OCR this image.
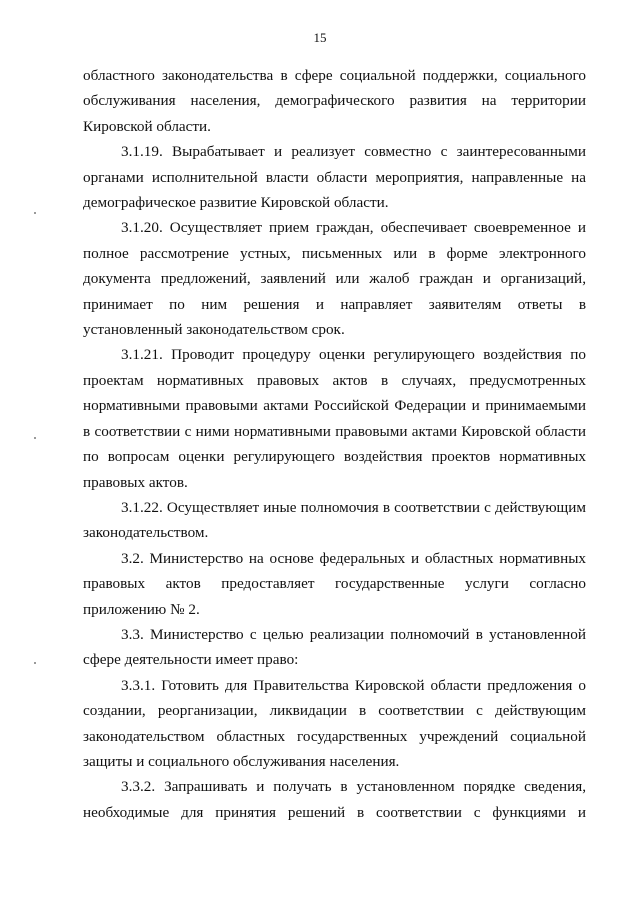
15

областного законодательства в сфере социальной поддержки, социального обслуживания населения, демографического развития на территории Кировской области.

3.1.19. Вырабатывает и реализует совместно с заинтересованными органами исполнительной власти области мероприятия, направленные на демографическое развитие Кировской области.

3.1.20. Осуществляет прием граждан, обеспечивает своевременное и полное рассмотрение устных, письменных или в форме электронного документа предложений, заявлений или жалоб граждан и организаций, принимает по ним решения и направляет заявителям ответы в установленный законодательством срок.

3.1.21. Проводит процедуру оценки регулирующего воздействия по проектам нормативных правовых актов в случаях, предусмотренных нормативными правовыми актами Российской Федерации и принимаемыми в соответствии с ними нормативными правовыми актами Кировской области по вопросам оценки регулирующего воздействия проектов нормативных правовых актов.

3.1.22. Осуществляет иные полномочия в соответствии с действующим законодательством.

3.2. Министерство на основе федеральных и областных нормативных правовых актов предоставляет государственные услуги согласно приложению № 2.

3.3. Министерство с целью реализации полномочий в установленной сфере деятельности имеет право:

3.3.1. Готовить для Правительства Кировской области предложения о создании, реорганизации, ликвидации в соответствии с действующим законодательством областных государственных учреждений социальной защиты и социального обслуживания населения.

3.3.2. Запрашивать и получать в установленном порядке сведения, необходимые для принятия решений в соответствии с функциями и
